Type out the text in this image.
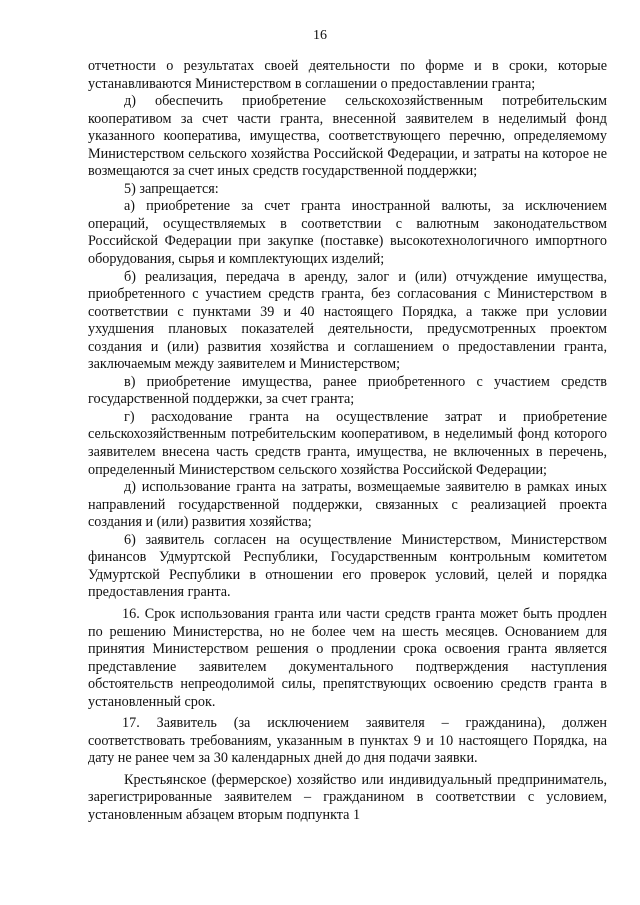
16

отчетности о результатах своей деятельности по форме и в сроки, которые устанавливаются Министерством в соглашении о предоставлении гранта;

д) обеспечить приобретение сельскохозяйственным потребительским кооперативом за счет части гранта, внесенной заявителем в неделимый фонд указанного кооператива, имущества, соответствующего перечню, определяемому Министерством сельского хозяйства Российской Федерации, и затраты на которое не возмещаются за счет иных средств государственной поддержки;

5) запрещается:

а) приобретение за счет гранта иностранной валюты, за исключением операций, осуществляемых в соответствии с валютным законодательством Российской Федерации при закупке (поставке) высокотехнологичного импортного оборудования, сырья и комплектующих изделий;

б) реализация, передача в аренду, залог и (или) отчуждение имущества, приобретенного с участием средств гранта, без согласования с Министерством в соответствии с пунктами 39 и 40 настоящего Порядка, а также при условии ухудшения плановых показателей деятельности, предусмотренных проектом создания и (или) развития хозяйства и соглашением о предоставлении гранта, заключаемым между заявителем и Министерством;

в) приобретение имущества, ранее приобретенного с участием средств государственной поддержки, за счет гранта;

г) расходование гранта на осуществление затрат и приобретение сельскохозяйственным потребительским кооперативом, в неделимый фонд которого заявителем внесена часть средств гранта, имущества, не включенных в перечень, определенный Министерством сельского хозяйства Российской Федерации;

д) использование гранта на затраты, возмещаемые заявителю в рамках иных направлений государственной поддержки, связанных с реализацией проекта создания и (или) развития хозяйства;

6) заявитель согласен на осуществление Министерством, Министерством финансов Удмуртской Республики, Государственным контрольным комитетом Удмуртской Республики в отношении его проверок условий, целей и порядка предоставления гранта.

16. Срок использования гранта или части средств гранта может быть продлен по решению Министерства, но не более чем на шесть месяцев. Основанием для принятия Министерством решения о продлении срока освоения гранта является представление заявителем документального подтверждения наступления обстоятельств непреодолимой силы, препятствующих освоению средств гранта в установленный срок.

17. Заявитель (за исключением заявителя – гражданина), должен соответствовать требованиям, указанным в пунктах 9 и 10 настоящего Порядка, на дату не ранее чем за 30 календарных дней до дня подачи заявки.

Крестьянское (фермерское) хозяйство или индивидуальный предприниматель, зарегистрированные заявителем – гражданином в соответствии с условием, установленным абзацем вторым подпункта 1
